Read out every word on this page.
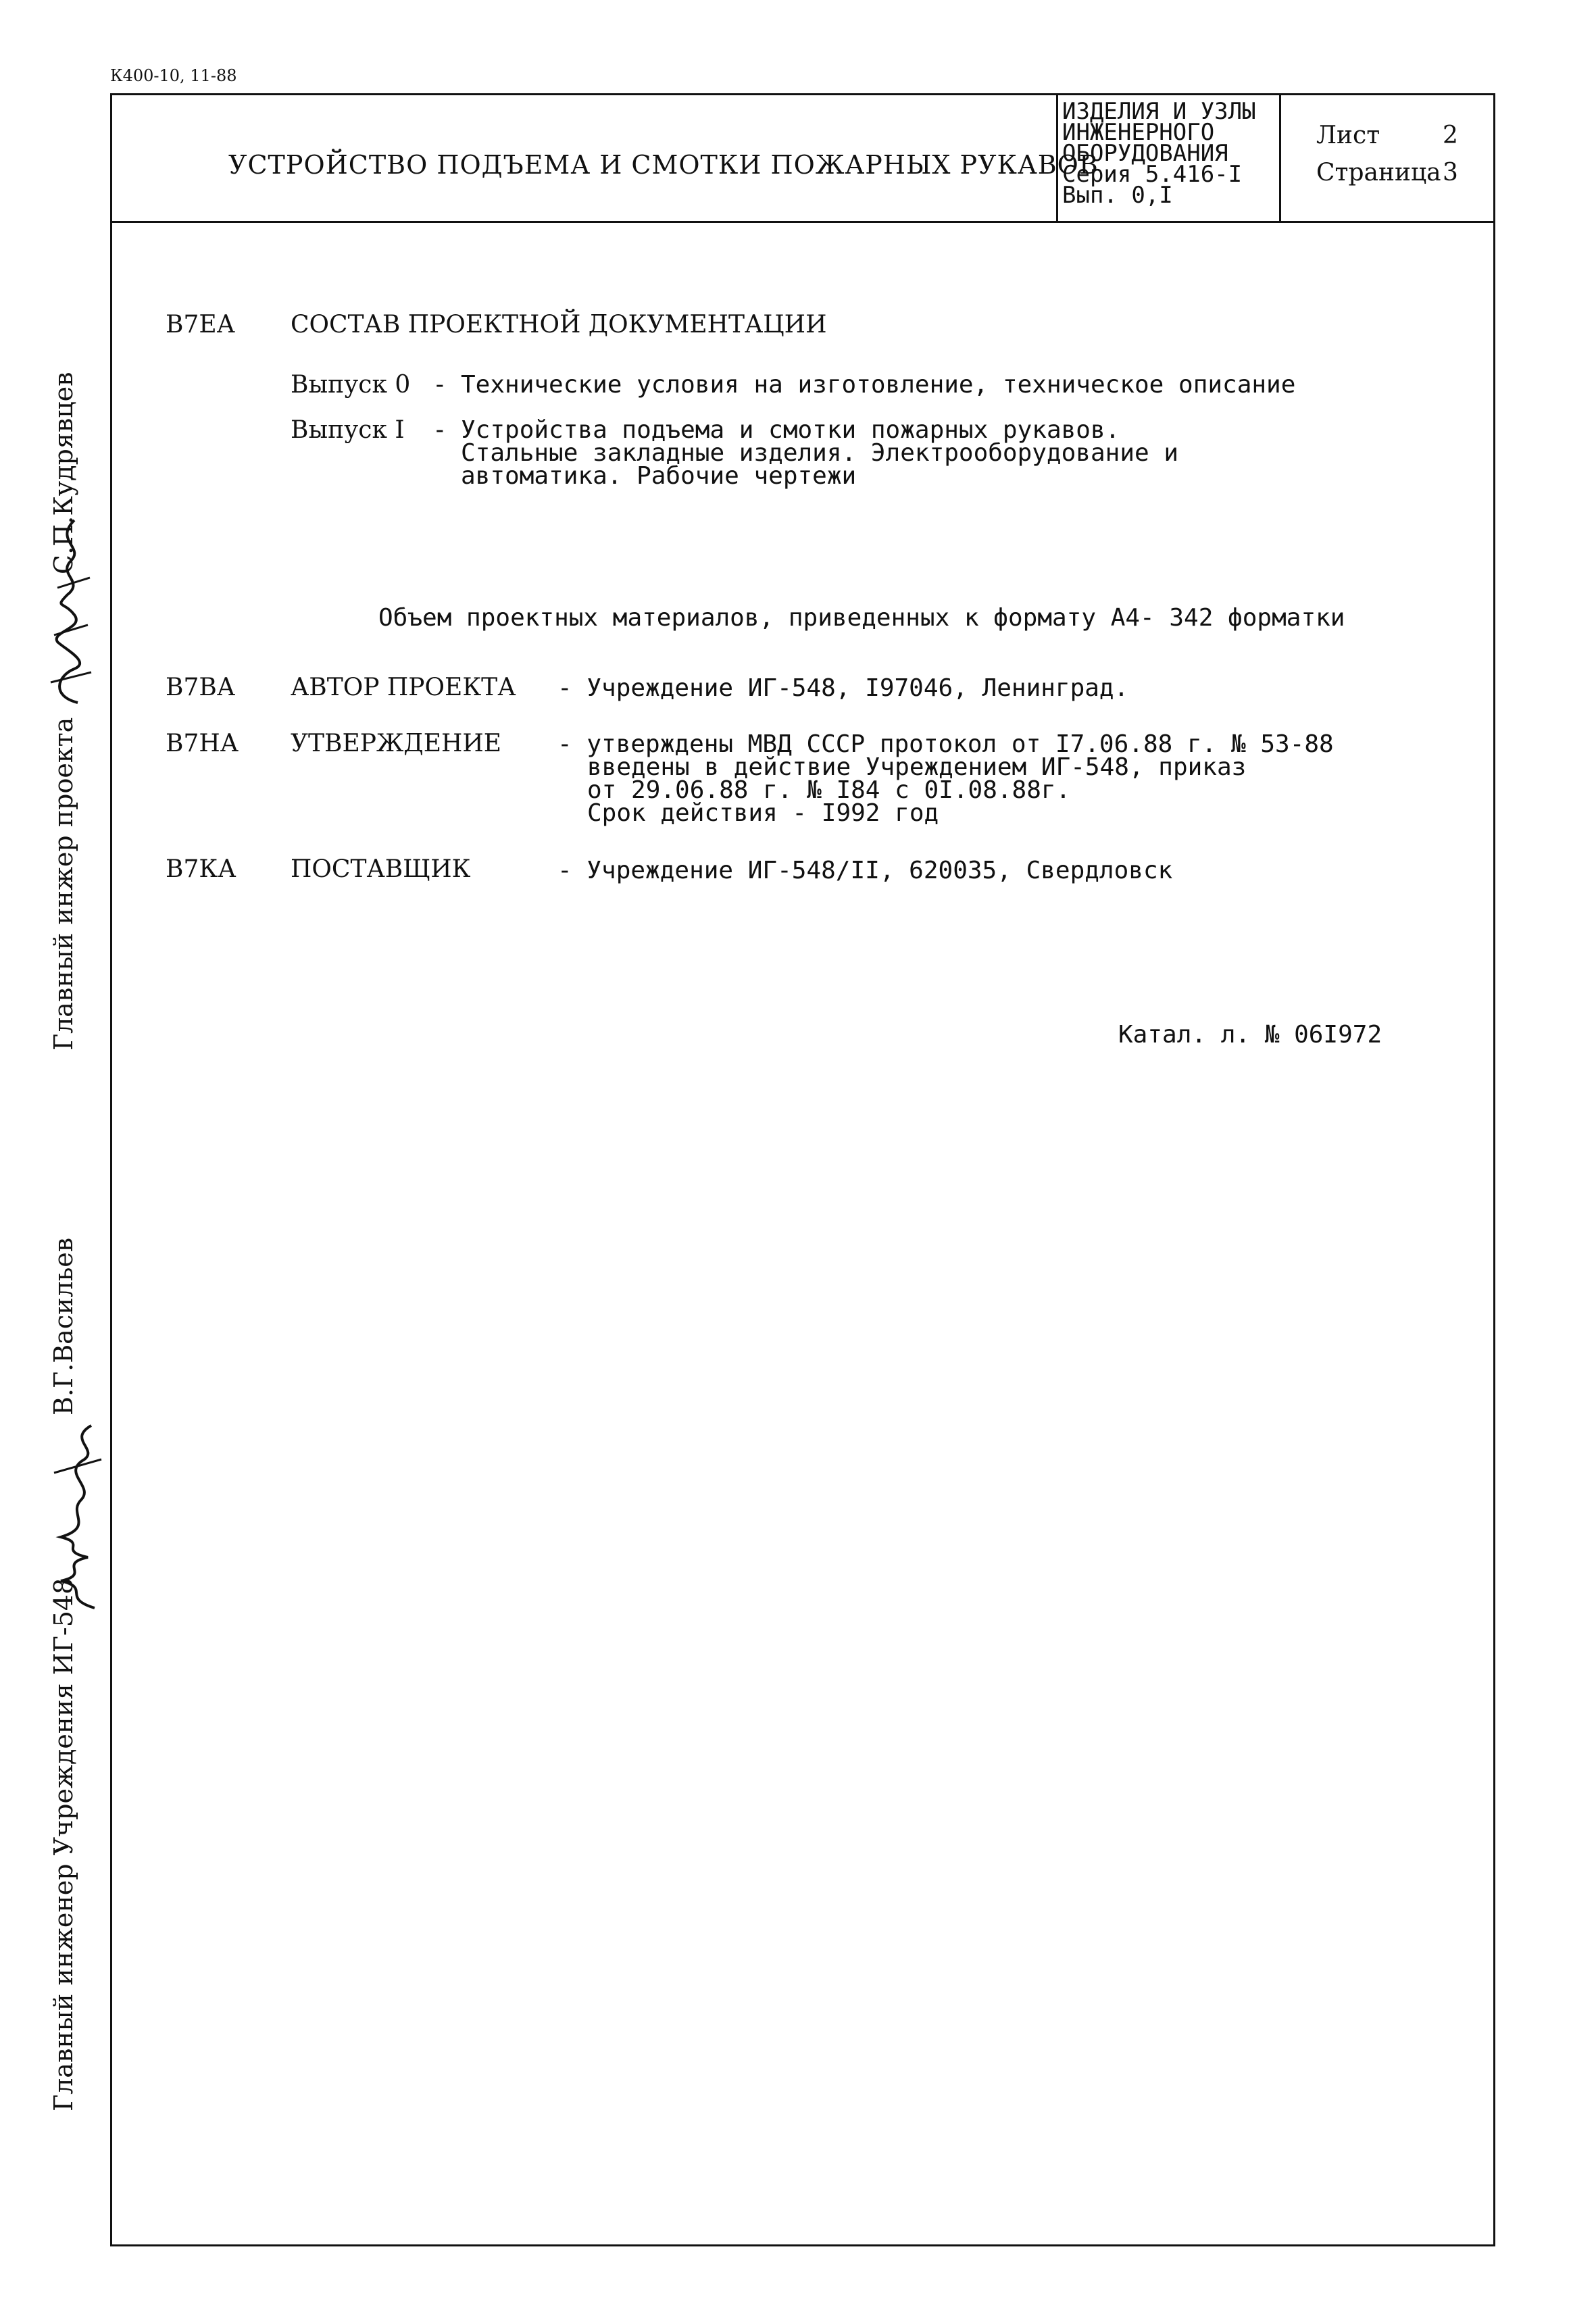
К400-10, 11-88
УСТРОЙСТВО ПОДЪЕМА И СМОТКИ ПОЖАРНЫХ РУКАВОВ
ИЗДЕЛИЯ И УЗЛЫ
ИНЖЕНЕРНОГО
ОБОРУДОВАНИЯ
Серия 5.416-I
Вып. 0,I
Лист	2
Страница 3
В7ЕА СОСТАВ ПРОЕКТНОЙ ДОКУМЕНТАЦИИ
Выпуск 0 - Технические условия на изготовление, техническое описание
Выпуск I - Устройства подъема и смотки пожарных рукавов.
Стальные закладные изделия. Электрооборудование и
автоматика. Рабочие чертежи
Объем проектных материалов, приведенных к формату А4- 342 форматки
В7ВА АВТОР ПРОЕКТА - Учреждение ИГ-548, I97046, Ленинград.
В7НА УТВЕРЖДЕНИЕ - утверждены МВД СССР протокол от I7.06.88 г. № 53-88
введены в действие Учреждением ИГ-548, приказ
от 29.06.88 г. № I84 с 0I.08.88г.
Срок действия - I992 год
В7КА ПОСТАВЩИК	- Учреждение ИГ-548/II, 620035, Свердловск
Катал. л. № 06I972
Главный инжер проекта
С.П.Кудрявцев
Главный инженер Учреждения ИГ-548
В.Г.Васильев
